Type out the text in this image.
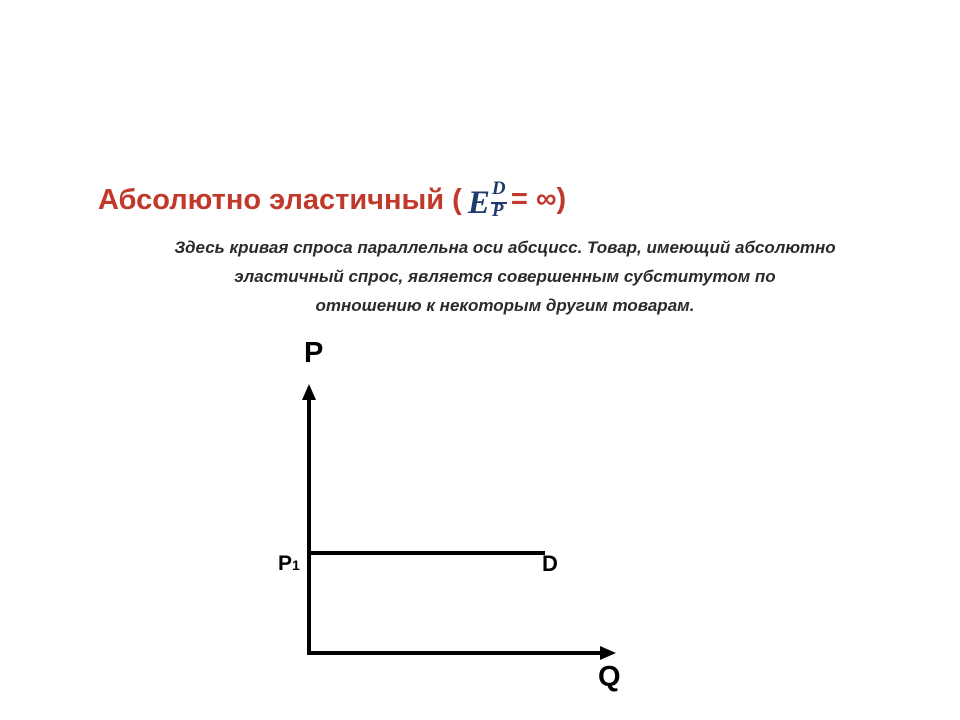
Абсолютно эластичный ( E D
P = ∞)
Здесь кривая спроса параллельна оси абсцисс. Товар, имеющий абсолютно
эластичный спрос, является совершенным субститутом по
отношению к некоторым другим товарам.
P
Q
P1	D
